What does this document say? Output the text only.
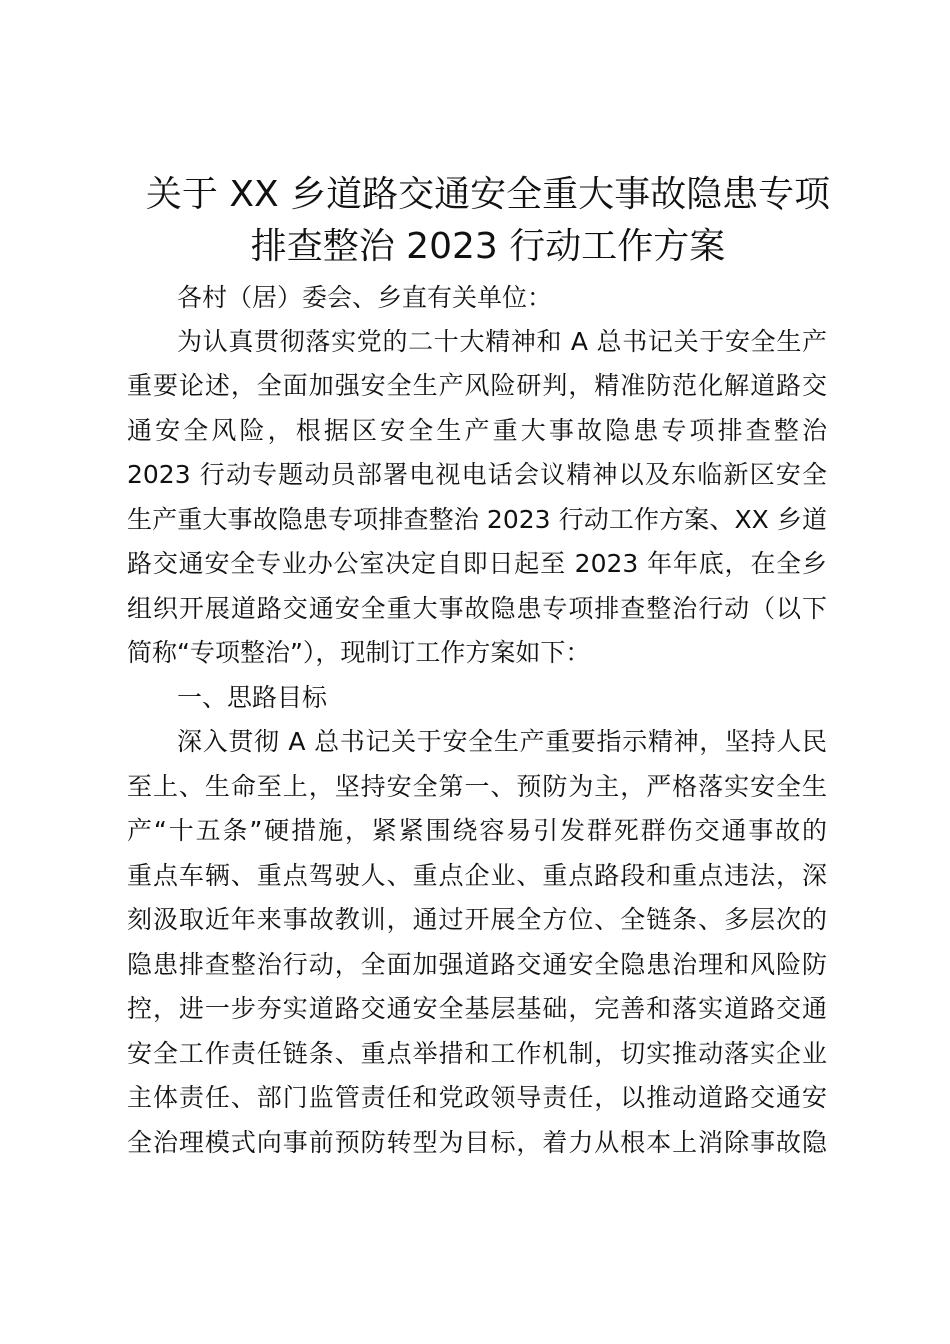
关于 XX 乡道路交通安全重大事故隐患专项
排查整治 2023 行动工作方案
各村（居）委会、乡直有关单位：
为认真贯彻落实党的二十大精神和 A 总书记关于安全生产
重要论述，全面加强安全生产风险研判，精准防范化解道路交
通安全风险，根据区安全生产重大事故隐患专项排查整治
2023 行动专题动员部署电视电话会议精神以及东临新区安全
生产重大事故隐患专项排查整治 2023 行动工作方案、XX 乡道
路交通安全专业办公室决定自即日起至 2023 年年底，在全乡
组织开展道路交通安全重大事故隐患专项排查整治行动（以下
简称“专项整治”），现制订工作方案如下：
一、思路目标
深入贯彻 A 总书记关于安全生产重要指示精神，坚持人民
至上、生命至上，坚持安全第一、预防为主，严格落实安全生
产“十五条”硬措施，紧紧围绕容易引发群死群伤交通事故的
重点车辆、重点驾驶人、重点企业、重点路段和重点违法，深
刻汲取近年来事故教训，通过开展全方位、全链条、多层次的
隐患排查整治行动，全面加强道路交通安全隐患治理和风险防
控，进一步夯实道路交通安全基层基础，完善和落实道路交通
安全工作责任链条、重点举措和工作机制，切实推动落实企业
主体责任、部门监管责任和党政领导责任，以推动道路交通安
全治理模式向事前预防转型为目标，着力从根本上消除事故隐
